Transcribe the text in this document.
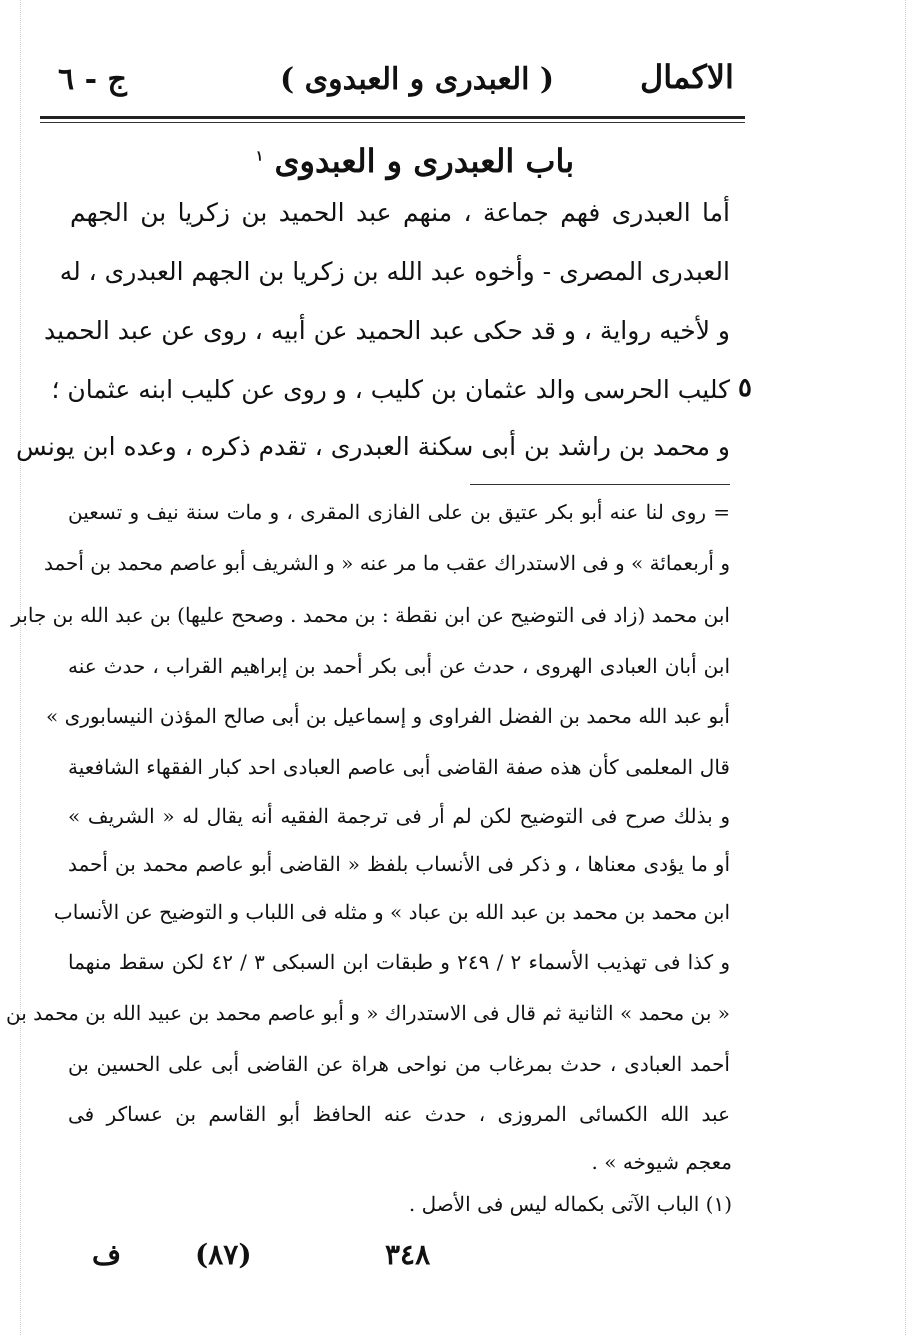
ج - ٦	( العبدرى و العبدوى )	الاكمال
باب العبدرى و العبدوى $^١$
أما العبدرى فهم جماعة ، منهم عبد الحميد بن زكريا بن الجهم
العبدرى المصرى - وأخوه عبد الله بن زكريا بن الجهم العبدرى ، له
و لأخيه رواية ، و قد حكى عبد الحميد عن أبيه ، روى عن عبد الحميد
كليب الحرسى والد عثمان بن كليب ، و روى عن كليب ابنه عثمان ؛ ٥
و محمد بن راشد بن أبى سكنة العبدرى ، تقدم ذكره ، وعده ابن يونس
= روى لنا عنه أبو بكر عتيق بن على الفازى المقرى ، و مات سنة نيف و تسعين
و أربعمائة » و فى الاستدراك عقب ما مر عنه « و الشريف أبو عاصم محمد بن أحمد
ابن محمد (زاد فى التوضيح عن ابن نقطة : بن محمد . وصحح عليها) بن عبد الله بن جابر
ابن أبان العبادى الهروى ، حدث عن أبى بكر أحمد بن إبراهيم القراب ، حدث عنه
أبو عبد الله محمد بن الفضل الفراوى و إسماعيل بن أبى صالح المؤذن النيسابورى »
قال المعلمى كأن هذه صفة القاضى أبى عاصم العبادى احد كبار الفقهاء الشافعية
و بذلك صرح فى التوضيح لكن لم أر فى ترجمة الفقيه أنه يقال له « الشريف »
أو ما يؤدى معناها ، و ذكر فى الأنساب بلفظ « القاضى أبو عاصم محمد بن أحمد
ابن محمد بن محمد بن عبد الله بن عباد » و مثله فى اللباب و التوضيح عن الأنساب
و كذا فى تهذيب الأسماء ٢ / ٢٤٩ و طبقات ابن السبكى ٣ / ٤٢ لكن سقط منهما
« بن محمد » الثانية ثم قال فى الاستدراك « و أبو عاصم محمد بن عبيد الله بن محمد بن
أحمد العبادى ، حدث بمرغاب من نواحى هراة عن القاضى أبى على الحسين بن
عبد الله الكسائى المروزى ، حدث عنه الحافظ أبو القاسم بن عساكر فى
معجم شيوخه » .
(١) الباب الآتى بكماله ليس فى الأصل .
ف	(٨٧)	٣٤٨
